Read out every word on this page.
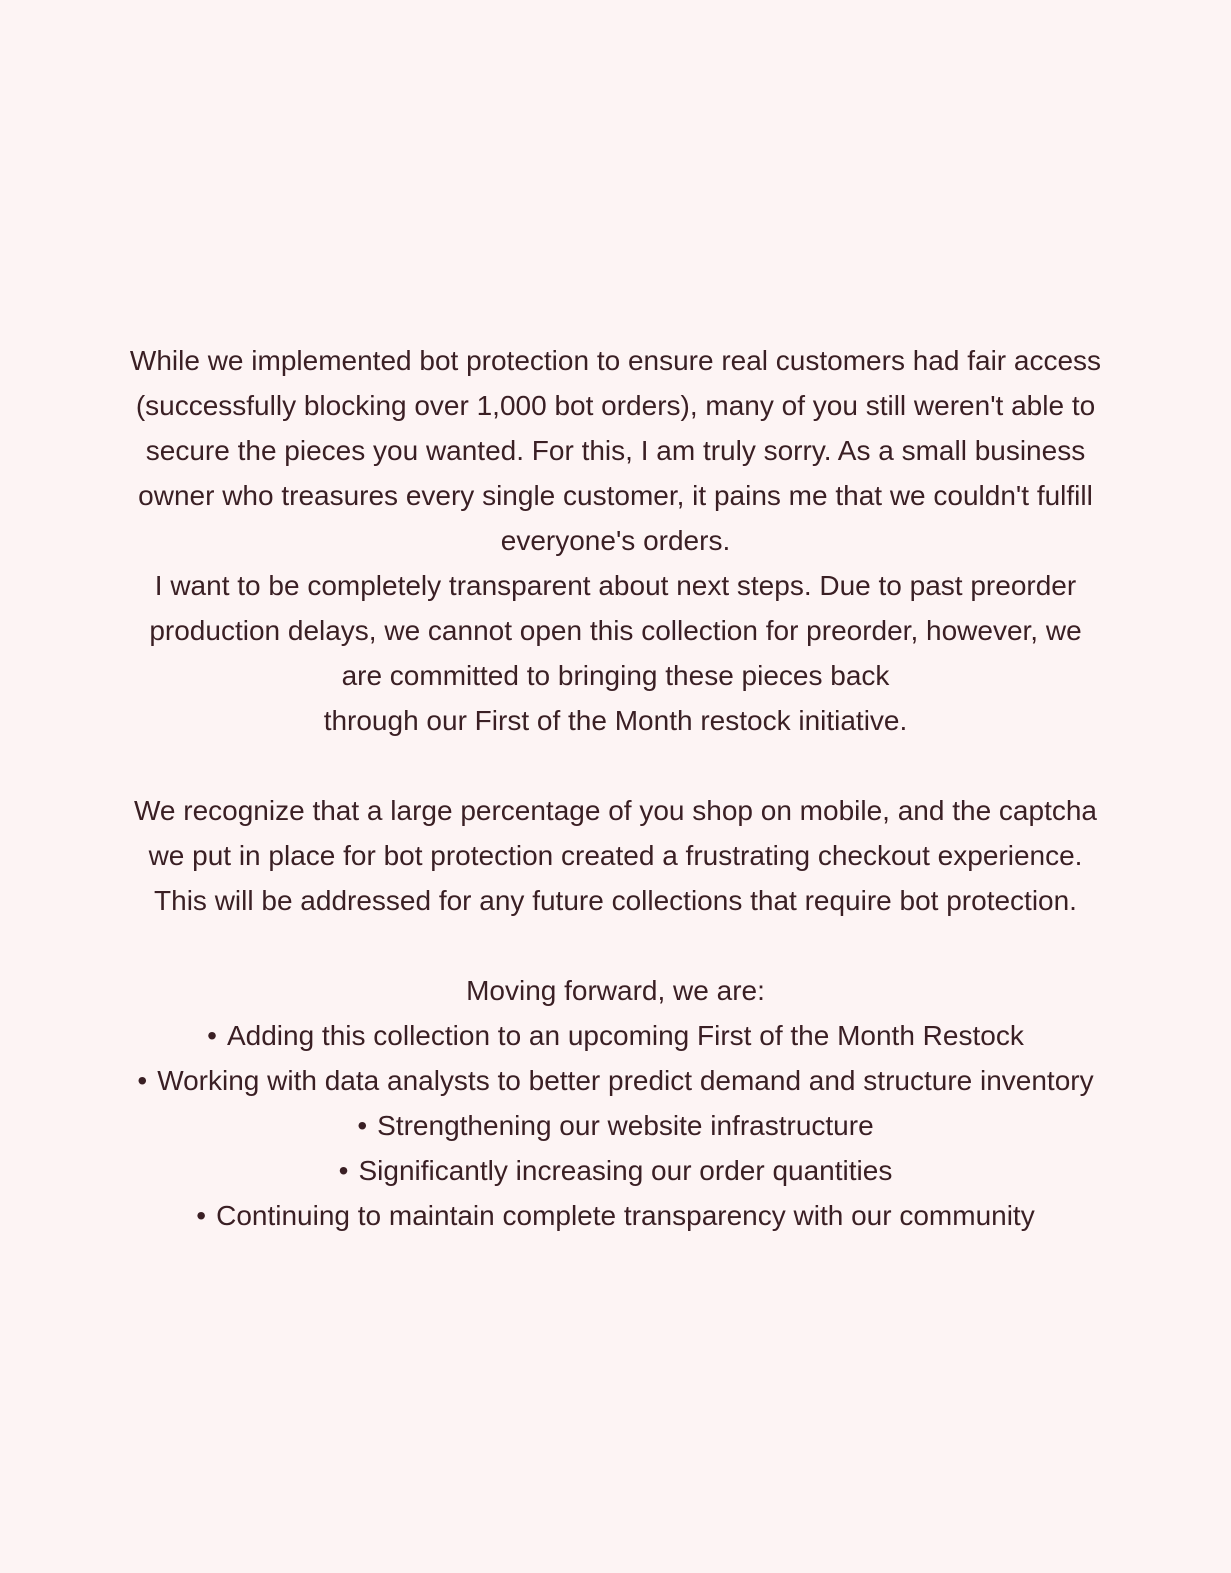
While we implemented bot protection to ensure real customers had fair access
(successfully blocking over 1,000 bot orders), many of you still weren't able to
secure the pieces you wanted. For this, I am truly sorry. As a small business
owner who treasures every single customer, it pains me that we couldn't fulfill
everyone's orders.

I want to be completely transparent about next steps. Due to past preorder
production delays, we cannot open this collection for preorder, however, we
are committed to bringing these pieces back
through our First of the Month restock initiative.

We recognize that a large percentage of you shop on mobile, and the captcha
we put in place for bot protection created a frustrating checkout experience.
This will be addressed for any future collections that require bot protection.

Moving forward, we are:

• Adding this collection to an upcoming First of the Month Restock
• Working with data analysts to better predict demand and structure inventory
• Strengthening our website infrastructure
• Significantly increasing our order quantities
• Continuing to maintain complete transparency with our community
